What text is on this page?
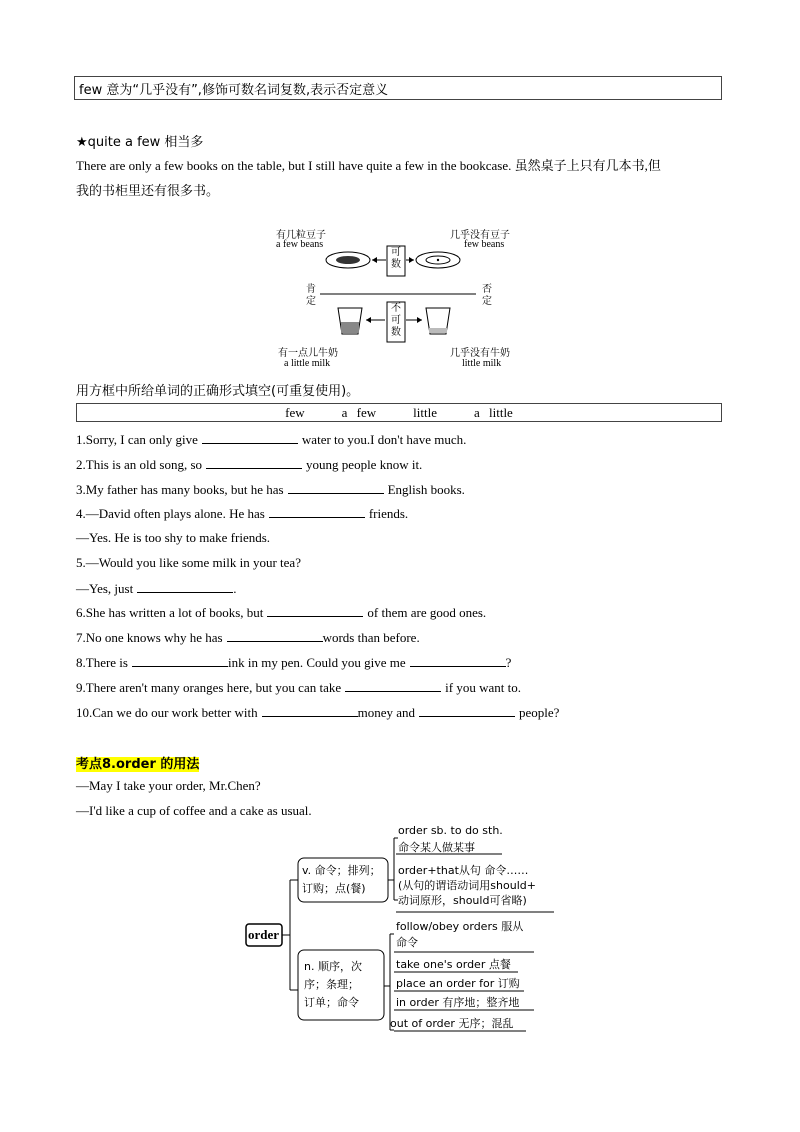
few 意为“几乎没有”,修饰可数名词复数,表示否定意义
★quite a few 相当多
There are only a few books on the table, but I still have quite a few in the bookcase. 虽然桌子上只有几本书,但
我的书柜里还有很多书。
有几粒豆子
a few beans
几乎没有豆子
few beans
可数
不可数
肯定
否定
有一点儿牛奶
a little milk
几乎没有牛奶
little milk
用方框中所给单词的正确形式填空(可重复使用)。
few    a few    little    a little
1.Sorry, I can only give	water to you.I don't have much.
2.This is an old song, so	young people know it.
3.My father has many books, but he has	English books.
4.—David often plays alone. He has	friends.
—Yes. He is too shy to make friends.
5.—Would you like some milk in your tea?
—Yes, just	.
6.She has written a lot of books, but	of them are good ones.
7.No one knows why he has	words than before.
8.There is	ink in my pen. Could you give me	?
9.There aren't many oranges here, but you can take	if you want to.
10.Can we do our work better with	money and	people?
考点8.order 的用法
—May I take your order, Mr.Chen?
—I'd like a cup of coffee and a cake as usual.
order
v. 命令；排列；
订购；点(餐)
order sb. to do sth.
命令某人做某事
order+that从句 命令……
(从句的谓语动词用should+
动词原形，should可省略)
n. 顺序，次
序；条理；
订单；命令
follow/obey orders 服从
命令
take one's order 点餐
place an order for 订购
in order 有序地；整齐地
out of order 无序；混乱
